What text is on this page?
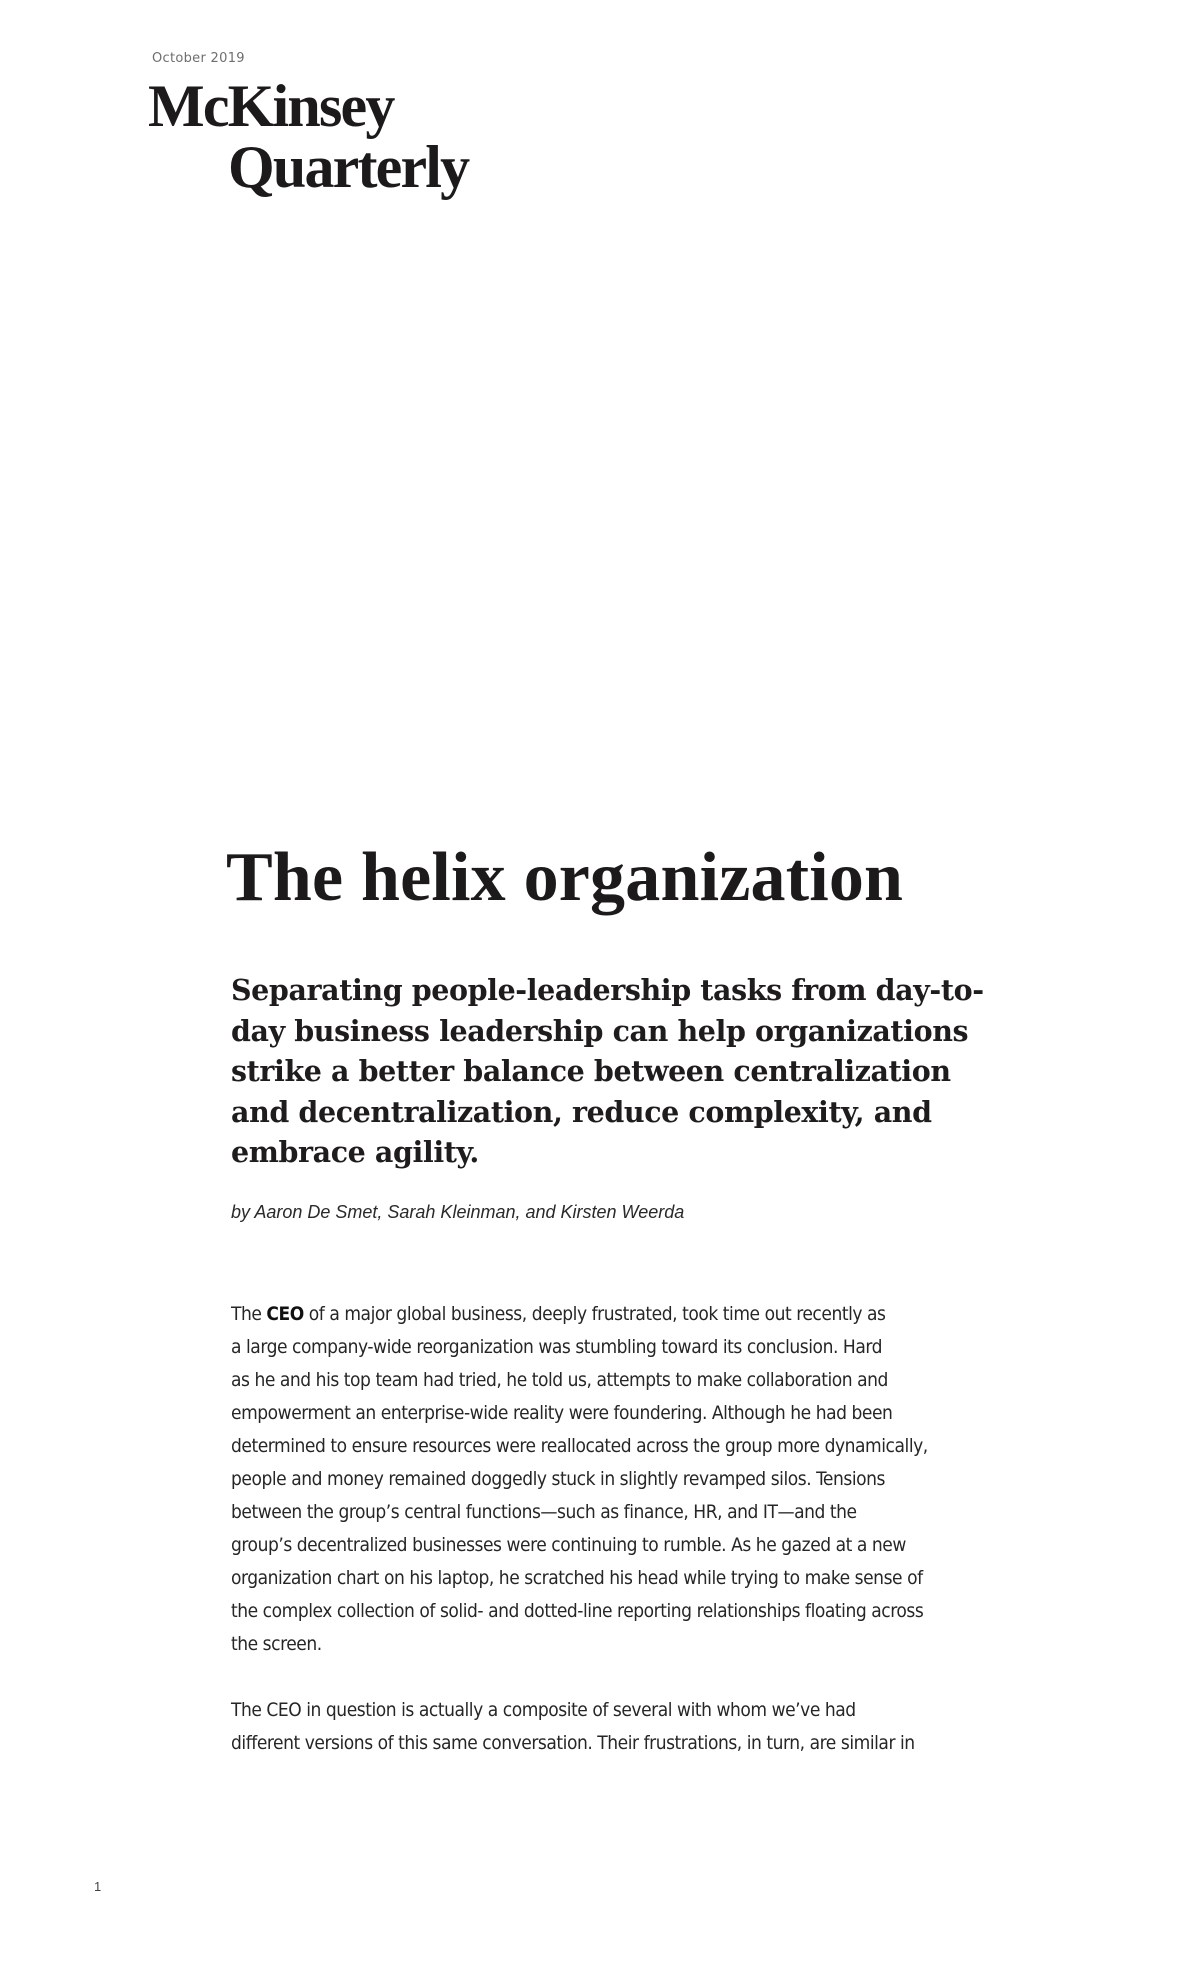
October 2019
McKinsey
Quarterly
The helix organization
Separating people-leadership tasks from day-to-
day business leadership can help organizations
strike a better balance between centralization
and decentralization, reduce complexity, and
embrace agility.
by Aaron De Smet, Sarah Kleinman, and Kirsten Weerda

The CEO of a major global business, deeply frustrated, took time out recently as
a large company-wide reorganization was stumbling toward its conclusion. Hard
as he and his top team had tried, he told us, attempts to make collaboration and
empowerment an enterprise-wide reality were foundering. Although he had been
determined to ensure resources were reallocated across the group more dynamically,
people and money remained doggedly stuck in slightly revamped silos. Tensions
between the group’s central functions—such as finance, HR, and IT—and the
group’s decentralized businesses were continuing to rumble. As he gazed at a new
organization chart on his laptop, he scratched his head while trying to make sense of
the complex collection of solid- and dotted-line reporting relationships floating across
the screen.

The CEO in question is actually a composite of several with whom we’ve had
different versions of this same conversation. Their frustrations, in turn, are similar in

1
